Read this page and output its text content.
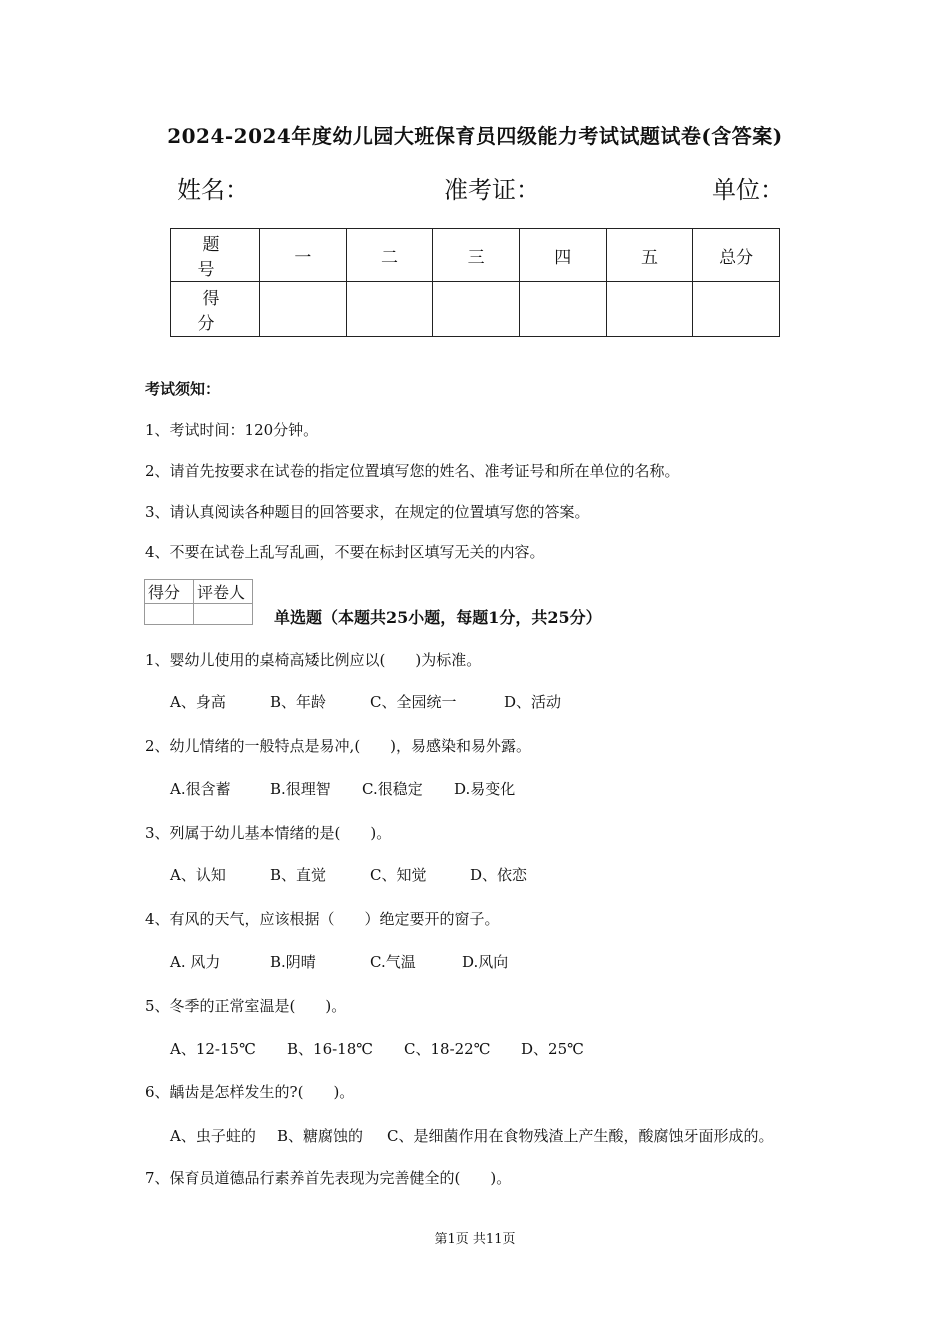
2024-2024年度幼儿园大班保育员四级能力考试试题试卷(含答案)
姓名：	准考证：	单位：
题　号	一	二	三	四	五	总分
得　分						
考试须知：
1、考试时间：120分钟。
2、请首先按要求在试卷的指定位置填写您的姓名、准考证号和所在单位的名称。
3、请认真阅读各种题目的回答要求，在规定的位置填写您的答案。
4、不要在试卷上乱写乱画，不要在标封区填写无关的内容。
得分	评卷人

单选题（本题共25小题，每题1分，共25分）
1、婴幼儿使用的桌椅高矮比例应以(　　)为标准。
A、身高	B、年龄	C、全园统一	D、活动
2、幼儿情绪的一般特点是易冲,(　　)，易感染和易外露。
A.很含蓄	B.很理智 C.很稳定 D.易变化
3、列属于幼儿基本情绪的是(　　)。
A、认知	B、直觉	C、知觉	D、依恋
4、有风的天气，应该根据（　　）绝定要开的窗子。
A. 风力	B.阴晴	C.气温	D.风向
5、冬季的正常室温是(　　)。
A、12-15℃ B、16-18℃ C、18-22℃ D、25℃
6、龋齿是怎样发生的?(　　)。
A、虫子蛀的 B、糖腐蚀的 C、是细菌作用在食物残渣上产生酸，酸腐蚀牙面形成的。
7、保育员道德品行素养首先表现为完善健全的(　　)。
第1页 共11页
